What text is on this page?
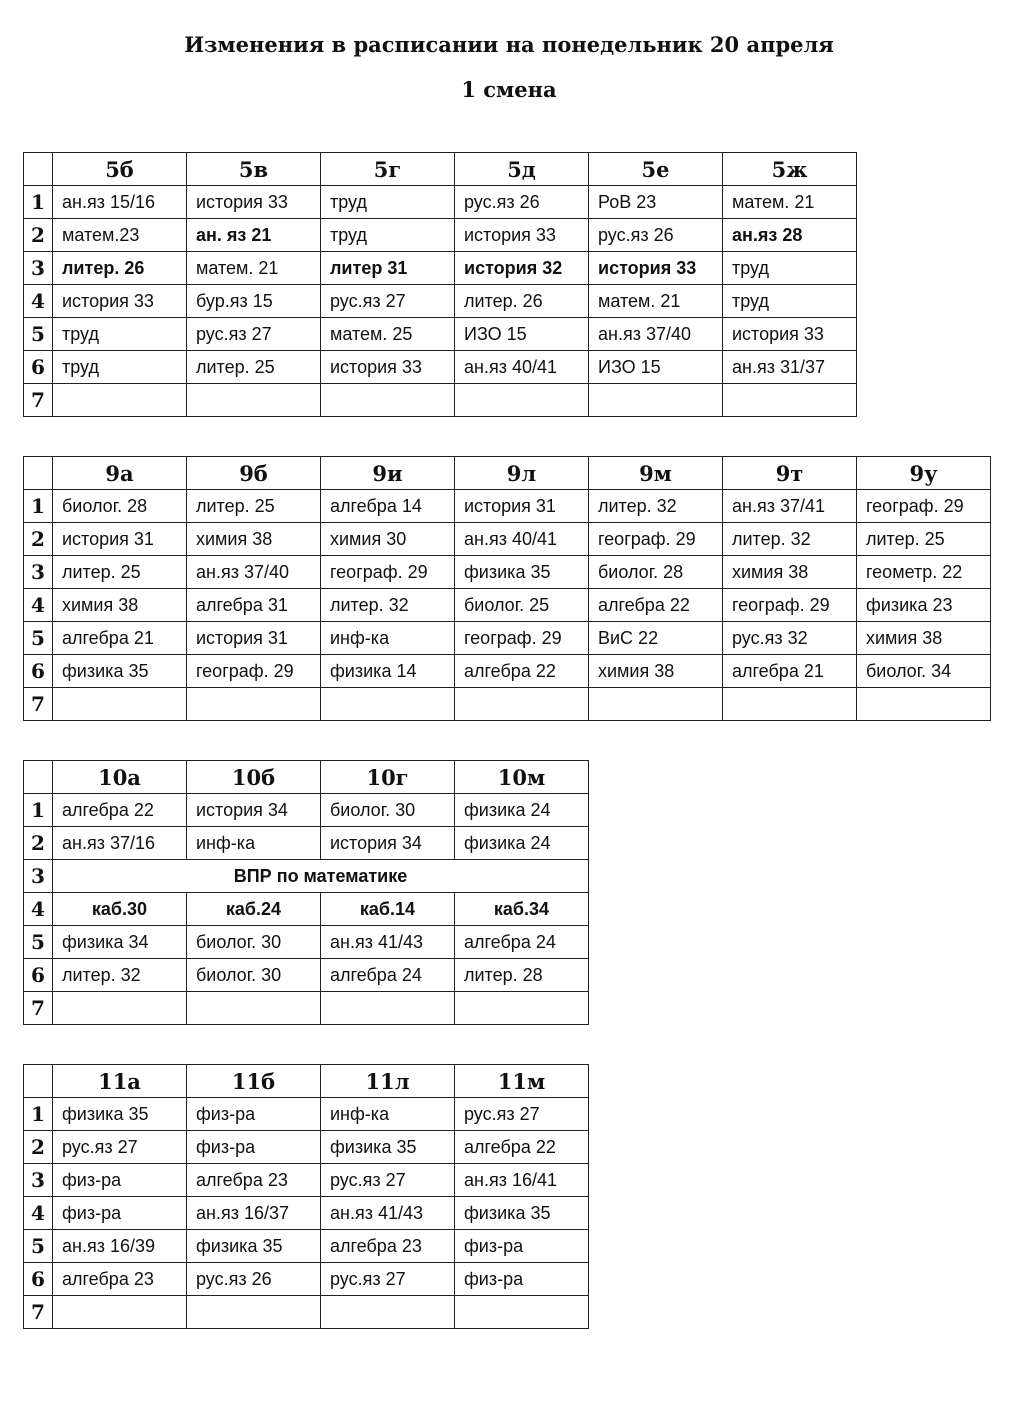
Изменения в расписании на понедельник 20 апреля
1 смена
	5б	5в	5г	5д	5е	5ж
1	ан.яз 15/16	история 33	труд	рус.яз 26	РоВ 23	матем. 21
2	матем.23	ан. яз 21	труд	история 33	рус.яз 26	ан.яз 28
3	литер. 26	матем. 21	литер 31	история 32	история 33	труд
4	история 33	бур.яз 15	рус.яз 27	литер. 26	матем. 21	труд
5	труд	рус.яз 27	матем. 25	ИЗО 15	ан.яз 37/40	история 33
6	труд	литер. 25	история 33	ан.яз 40/41	ИЗО 15	ан.яз 31/37
7						
	9а	9б	9и	9л	9м	9т	9у
1	биолог. 28	литер. 25	алгебра 14	история 31	литер. 32	ан.яз 37/41	географ. 29
2	история 31	химия 38	химия 30	ан.яз 40/41	географ. 29	литер. 32	литер. 25
3	литер. 25	ан.яз 37/40	географ. 29	физика 35	биолог. 28	химия 38	геометр. 22
4	химия 38	алгебра 31	литер. 32	биолог. 25	алгебра 22	географ. 29	физика 23
5	алгебра 21	история 31	инф-ка	географ. 29	ВиС 22	рус.яз 32	химия 38
6	физика 35	географ. 29	физика 14	алгебра 22	химия 38	алгебра 21	биолог. 34
7							
	10а	10б	10г	10м
1	алгебра 22	история 34	биолог. 30	физика 24
2	ан.яз 37/16	инф-ка	история 34	физика 24
3	ВПР по математике			
4	каб.30	каб.24	каб.14	каб.34
5	физика 34	биолог. 30	ан.яз 41/43	алгебра 24
6	литер. 32	биолог. 30	алгебра 24	литер. 28
7				
	11а	11б	11л	11м
1	физика 35	физ-ра	инф-ка	рус.яз 27
2	рус.яз 27	физ-ра	физика 35	алгебра 22
3	физ-ра	алгебра 23	рус.яз 27	ан.яз 16/41
4	физ-ра	ан.яз 16/37	ан.яз 41/43	физика 35
5	ан.яз 16/39	физика 35	алгебра 23	физ-ра
6	алгебра 23	рус.яз 26	рус.яз 27	физ-ра
7				
